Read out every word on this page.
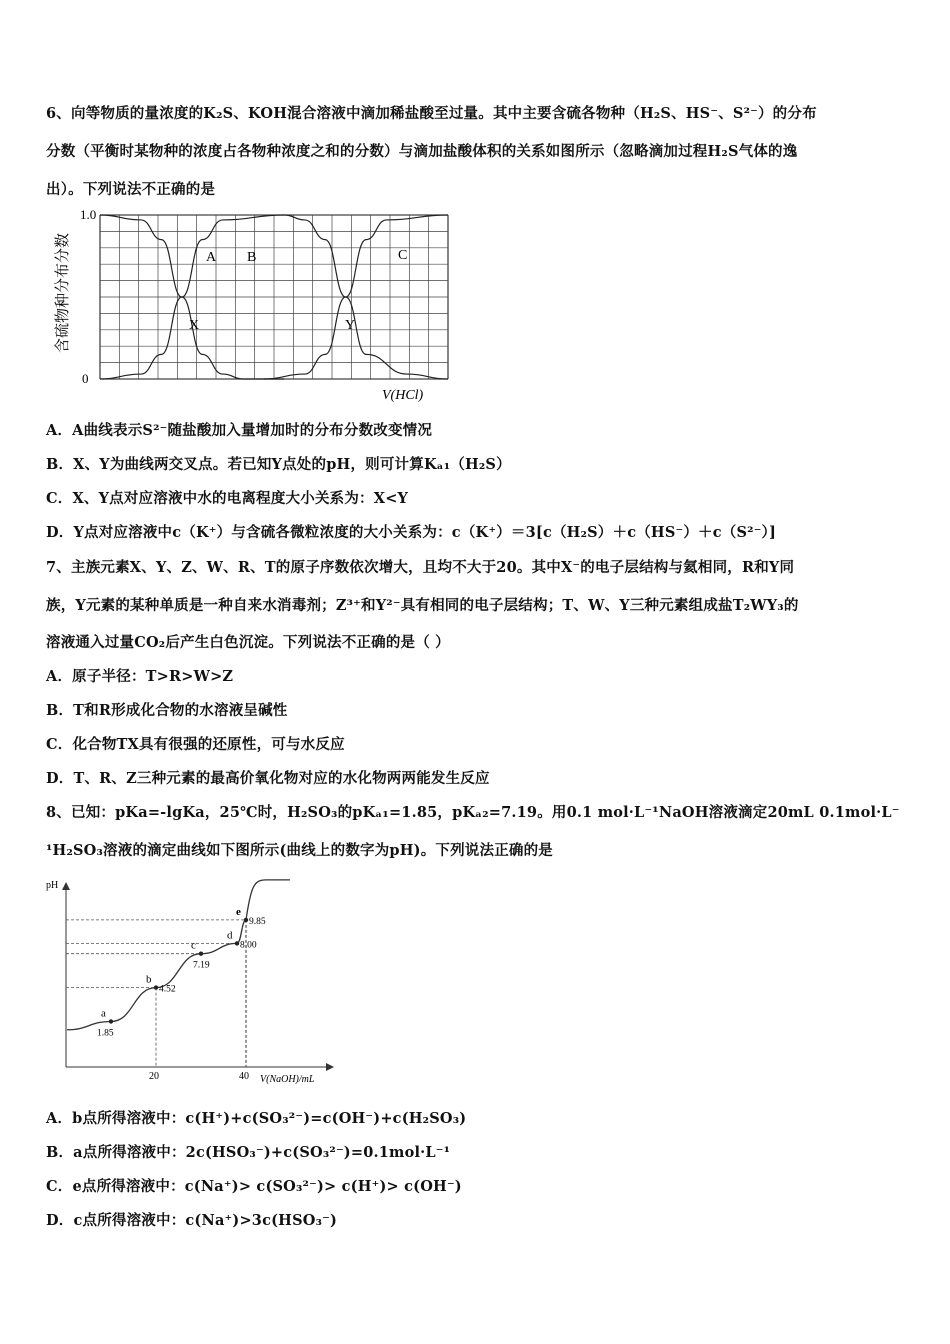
6、向等物质的量浓度的K₂S、KOH混合溶液中滴加稀盐酸至过量。其中主要含硫各物种（H₂S、HS⁻、S²⁻）的分布
分数（平衡时某物种的浓度占各物种浓度之和的分数）与滴加盐酸体积的关系如图所示（忽略滴加过程H₂S气体的逸
出）。下列说法不正确的是
1.0
0
含硫物种分布分数
V(HCl)
A B	C
X	Y
A．A曲线表示S²⁻随盐酸加入量增加时的分布分数改变情况
B．X、Y为曲线两交叉点。若已知Y点处的pH，则可计算Kₐ₁（H₂S）
C．X、Y点对应溶液中水的电离程度大小关系为：X<Y
D．Y点对应溶液中c（K⁺）与含硫各微粒浓度的大小关系为：c（K⁺）＝3[c（H₂S）＋c（HS⁻）＋c（S²⁻）]
7、主族元素X、Y、Z、W、R、T的原子序数依次增大，且均不大于20。其中X⁻的电子层结构与氦相同，R和Y同
族，Y元素的某种单质是一种自来水消毒剂；Z³⁺和Y²⁻具有相同的电子层结构；T、W、Y三种元素组成盐T₂WY₃的
溶液通入过量CO₂后产生白色沉淀。下列说法不正确的是（ ）
A．原子半径：T>R>W>Z
B．T和R形成化合物的水溶液呈碱性
C．化合物TX具有很强的还原性，可与水反应
D．T、R、Z三种元素的最高价氧化物对应的水化物两两能发生反应
8、已知：pKa=-lgKa，25℃时，H₂SO₃的pKₐ₁=1.85，pKₐ₂=7.19。用0.1 mol·L⁻¹NaOH溶液滴定20mL 0.1mol·L⁻
¹H₂SO₃溶液的滴定曲线如下图所示(曲线上的数字为pH)。下列说法正确的是
pH
V(NaOH)/mL
20	40
a
1.85
b
4.52
c
7.19
d
8.00
e
9.85
A．b点所得溶液中：c(H⁺)+c(SO₃²⁻)=c(OH⁻)+c(H₂SO₃)
B．a点所得溶液中：2c(HSO₃⁻)+c(SO₃²⁻)=0.1mol·L⁻¹
C．e点所得溶液中：c(Na⁺)> c(SO₃²⁻)> c(H⁺)> c(OH⁻)
D．c点所得溶液中：c(Na⁺)>3c(HSO₃⁻)
